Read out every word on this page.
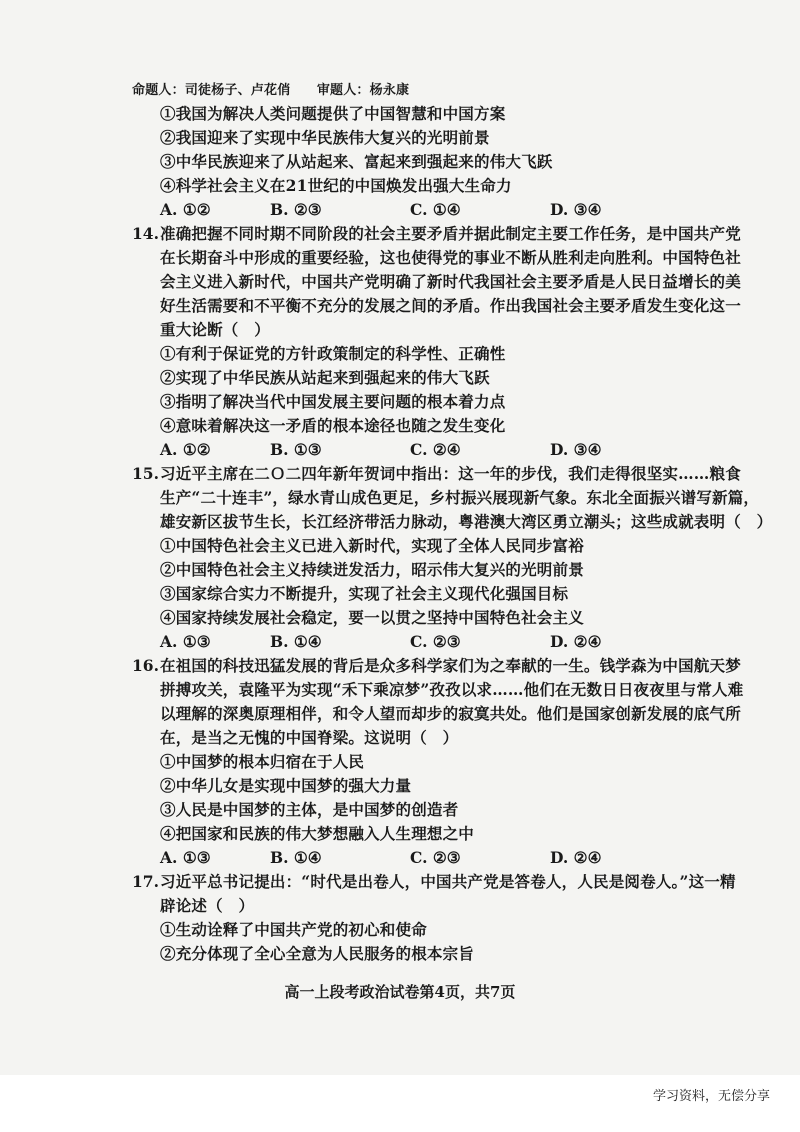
命题人：司徒杨子、卢花俏　　 审题人：杨永康
①我国为解决人类问题提供了中国智慧和中国方案
②我国迎来了实现中华民族伟大复兴的光明前景
③中华民族迎来了从站起来、富起来到强起来的伟大飞跃
④科学社会主义在21世纪的中国焕发出强大生命力
A. ①②	B. ②③	C. ①④	D. ③④
14. 准确把握不同时期不同阶段的社会主要矛盾并据此制定主要工作任务，是中国共产党
在长期奋斗中形成的重要经验，这也使得党的事业不断从胜利走向胜利。中国特色社
会主义进入新时代，中国共产党明确了新时代我国社会主要矛盾是人民日益增长的美
好生活需要和不平衡不充分的发展之间的矛盾。作出我国社会主要矛盾发生变化这一
重大论断（　）
①有利于保证党的方针政策制定的科学性、正确性
②实现了中华民族从站起来到强起来的伟大飞跃
③指明了解决当代中国发展主要问题的根本着力点
④意味着解决这一矛盾的根本途径也随之发生变化
A. ①②	B. ①③	C. ②④	D. ③④
15. 习近平主席在二Ｏ二四年新年贺词中指出：这一年的步伐，我们走得很坚实……粮食
生产“二十连丰”，绿水青山成色更足，乡村振兴展现新气象。东北全面振兴谱写新篇，
雄安新区拔节生长，长江经济带活力脉动，粤港澳大湾区勇立潮头；这些成就表明（　）
①中国特色社会主义已进入新时代，实现了全体人民同步富裕
②中国特色社会主义持续迸发活力，昭示伟大复兴的光明前景
③国家综合实力不断提升，实现了社会主义现代化强国目标
④国家持续发展社会稳定，要一以贯之坚持中国特色社会主义
A. ①③	B. ①④	C. ②③	D. ②④
16. 在祖国的科技迅猛发展的背后是众多科学家们为之奉献的一生。钱学森为中国航天梦
拼搏攻关，袁隆平为实现“禾下乘凉梦”孜孜以求……他们在无数日日夜夜里与常人难
以理解的深奥原理相伴，和令人望而却步的寂寞共处。他们是国家创新发展的底气所
在，是当之无愧的中国脊梁。这说明（　）
①中国梦的根本归宿在于人民
②中华儿女是实现中国梦的强大力量
③人民是中国梦的主体，是中国梦的创造者
④把国家和民族的伟大梦想融入人生理想之中
A. ①③	B. ①④	C. ②③	D. ②④
17. 习近平总书记提出：“时代是出卷人，中国共产党是答卷人，人民是阅卷人。”这一精
辟论述（　）
①生动诠释了中国共产党的初心和使命
②充分体现了全心全意为人民服务的根本宗旨
高一上段考政治试卷第4页，共7页
学习资料，无偿分享
